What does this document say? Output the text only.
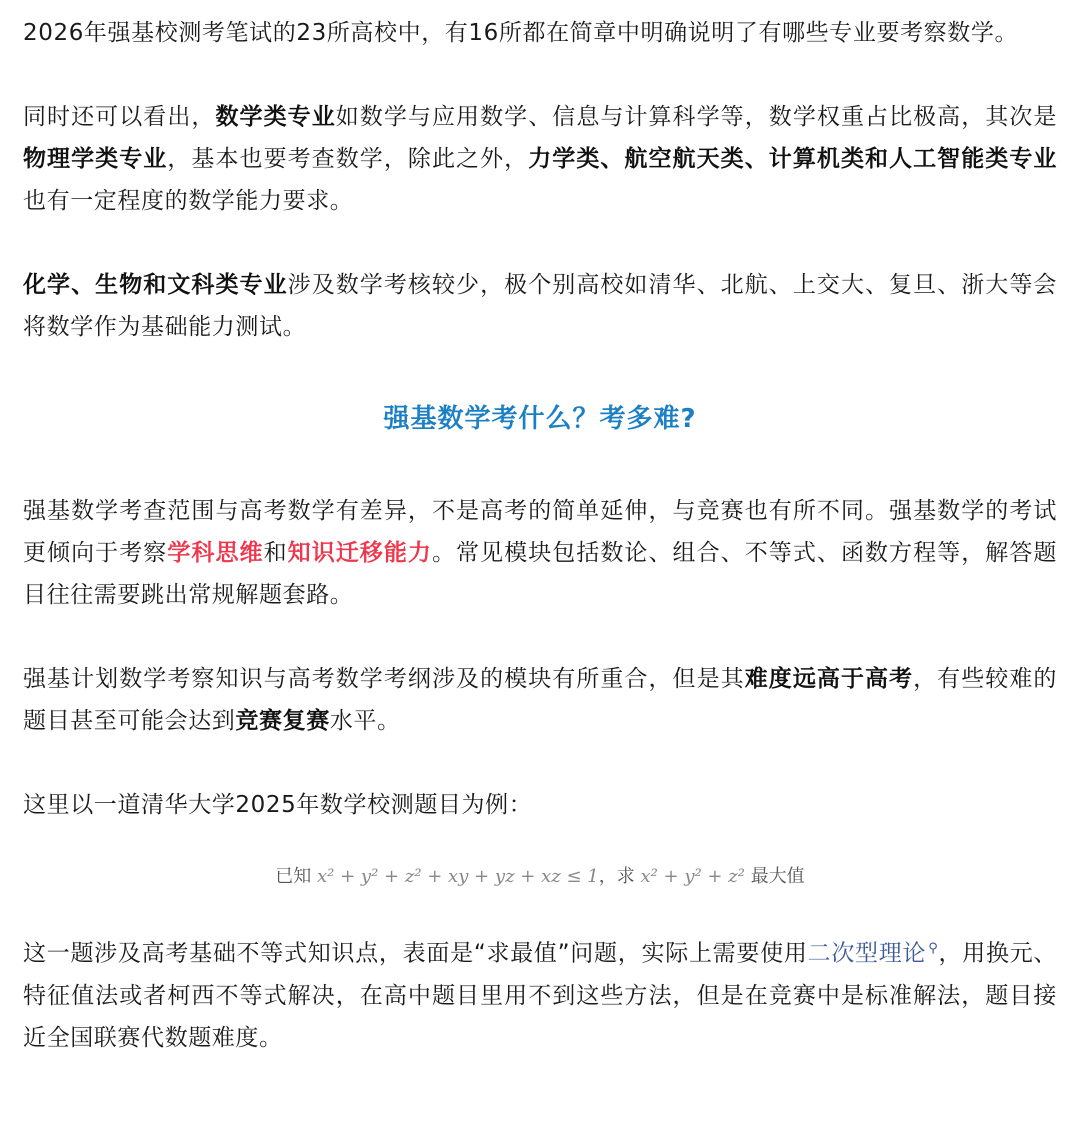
2026年强基校测考笔试的23所高校中，有16所都在简章中明确说明了有哪些专业要考察数学。

同时还可以看出，数学类专业如数学与应用数学、信息与计算科学等，数学权重占比极高，其次是物理学类专业，基本也要考查数学，除此之外，力学类、航空航天类、计算机类和人工智能类专业也有一定程度的数学能力要求。

化学、生物和文科类专业涉及数学考核较少，极个别高校如清华、北航、上交大、复旦、浙大等会将数学作为基础能力测试。

强基数学考什么？考多难?

强基数学考查范围与高考数学有差异，不是高考的简单延伸，与竞赛也有所不同。强基数学的考试更倾向于考察学科思维和知识迁移能力。常见模块包括数论、组合、不等式、函数方程等，解答题目往往需要跳出常规解题套路。

强基计划数学考察知识与高考数学考纲涉及的模块有所重合，但是其难度远高于高考，有些较难的题目甚至可能会达到竞赛复赛水平。

这里以一道清华大学2025年数学校测题目为例：

已知 x² + y² + z² + xy + yz + xz ≤ 1，求 x² + y² + z² 最大值

这一题涉及高考基础不等式知识点，表面是“求最值”问题，实际上需要使用二次型理论 ⚲，用换元、特征值法或者柯西不等式解决，在高中题目里用不到这些方法，但是在竞赛中是标准解法，题目接近全国联赛代数题难度。
